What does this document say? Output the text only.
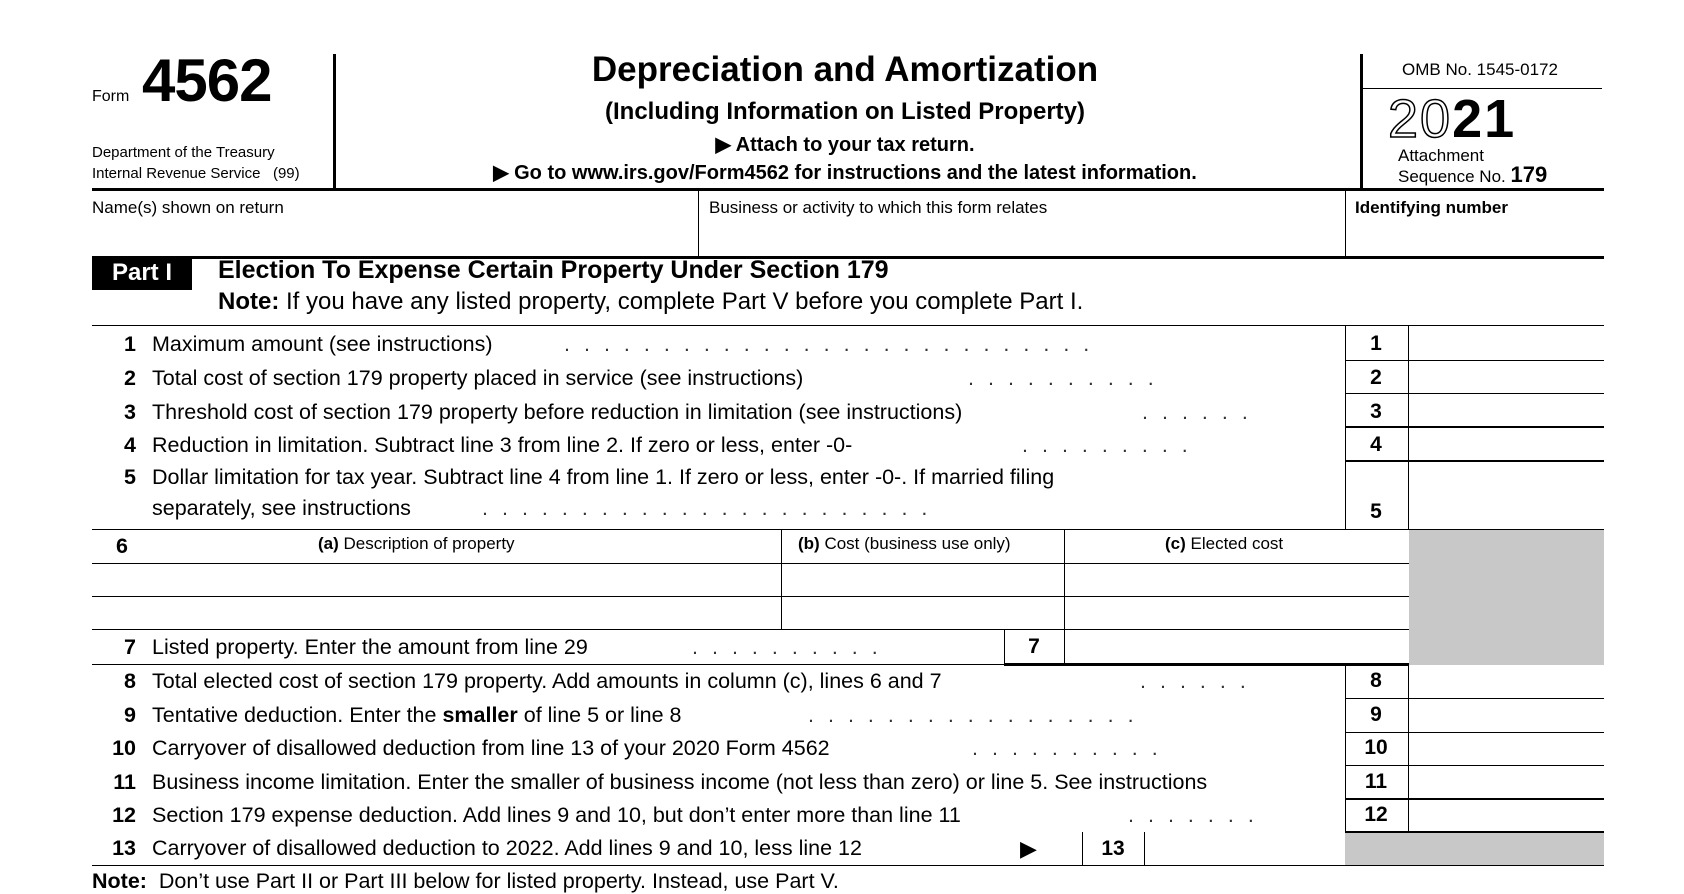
Form 4562
Department of the Treasury
Internal Revenue Service (99)
Depreciation and Amortization
(Including Information on Listed Property)
▶ Attach to your tax return.
▶ Go to www.irs.gov/Form4562 for instructions and the latest information.
OMB No. 1545-0172
2021
Attachment
Sequence No. 179
Name(s) shown on return	Business or activity to which this form relates	Identifying number
Part I	Election To Expense Certain Property Under Section 179
Note: If you have any listed property, complete Part V before you complete Part I.
1 Maximum amount (see instructions)	...........................	1
2 Total cost of section 179 property placed in service (see instructions)	..........	2
3 Threshold cost of section 179 property before reduction in limitation (see instructions)	......	3
4 Reduction in limitation. Subtract line 3 from line 2. If zero or less, enter -0-	.........	4
5 Dollar limitation for tax year. Subtract line 4 from line 1. If zero or less, enter -0-. If married filing
separately, see instructions	.......................	5
6	(a) Description of property	(b) Cost (business use only)	(c) Elected cost
7 Listed property. Enter the amount from line 29	..........	7
8 Total elected cost of section 179 property. Add amounts in column (c), lines 6 and 7	......	8
9 Tentative deduction. Enter the smaller of line 5 or line 8	.................	9
10 Carryover of disallowed deduction from line 13 of your 2020 Form 4562	..........	10
11 Business income limitation. Enter the smaller of business income (not less than zero) or line 5. See instructions	11
12 Section 179 expense deduction. Add lines 9 and 10, but don’t enter more than line 11	.......	12
13 Carryover of disallowed deduction to 2022. Add lines 9 and 10, less line 12	▶	13
Note: Don’t use Part II or Part III below for listed property. Instead, use Part V.
